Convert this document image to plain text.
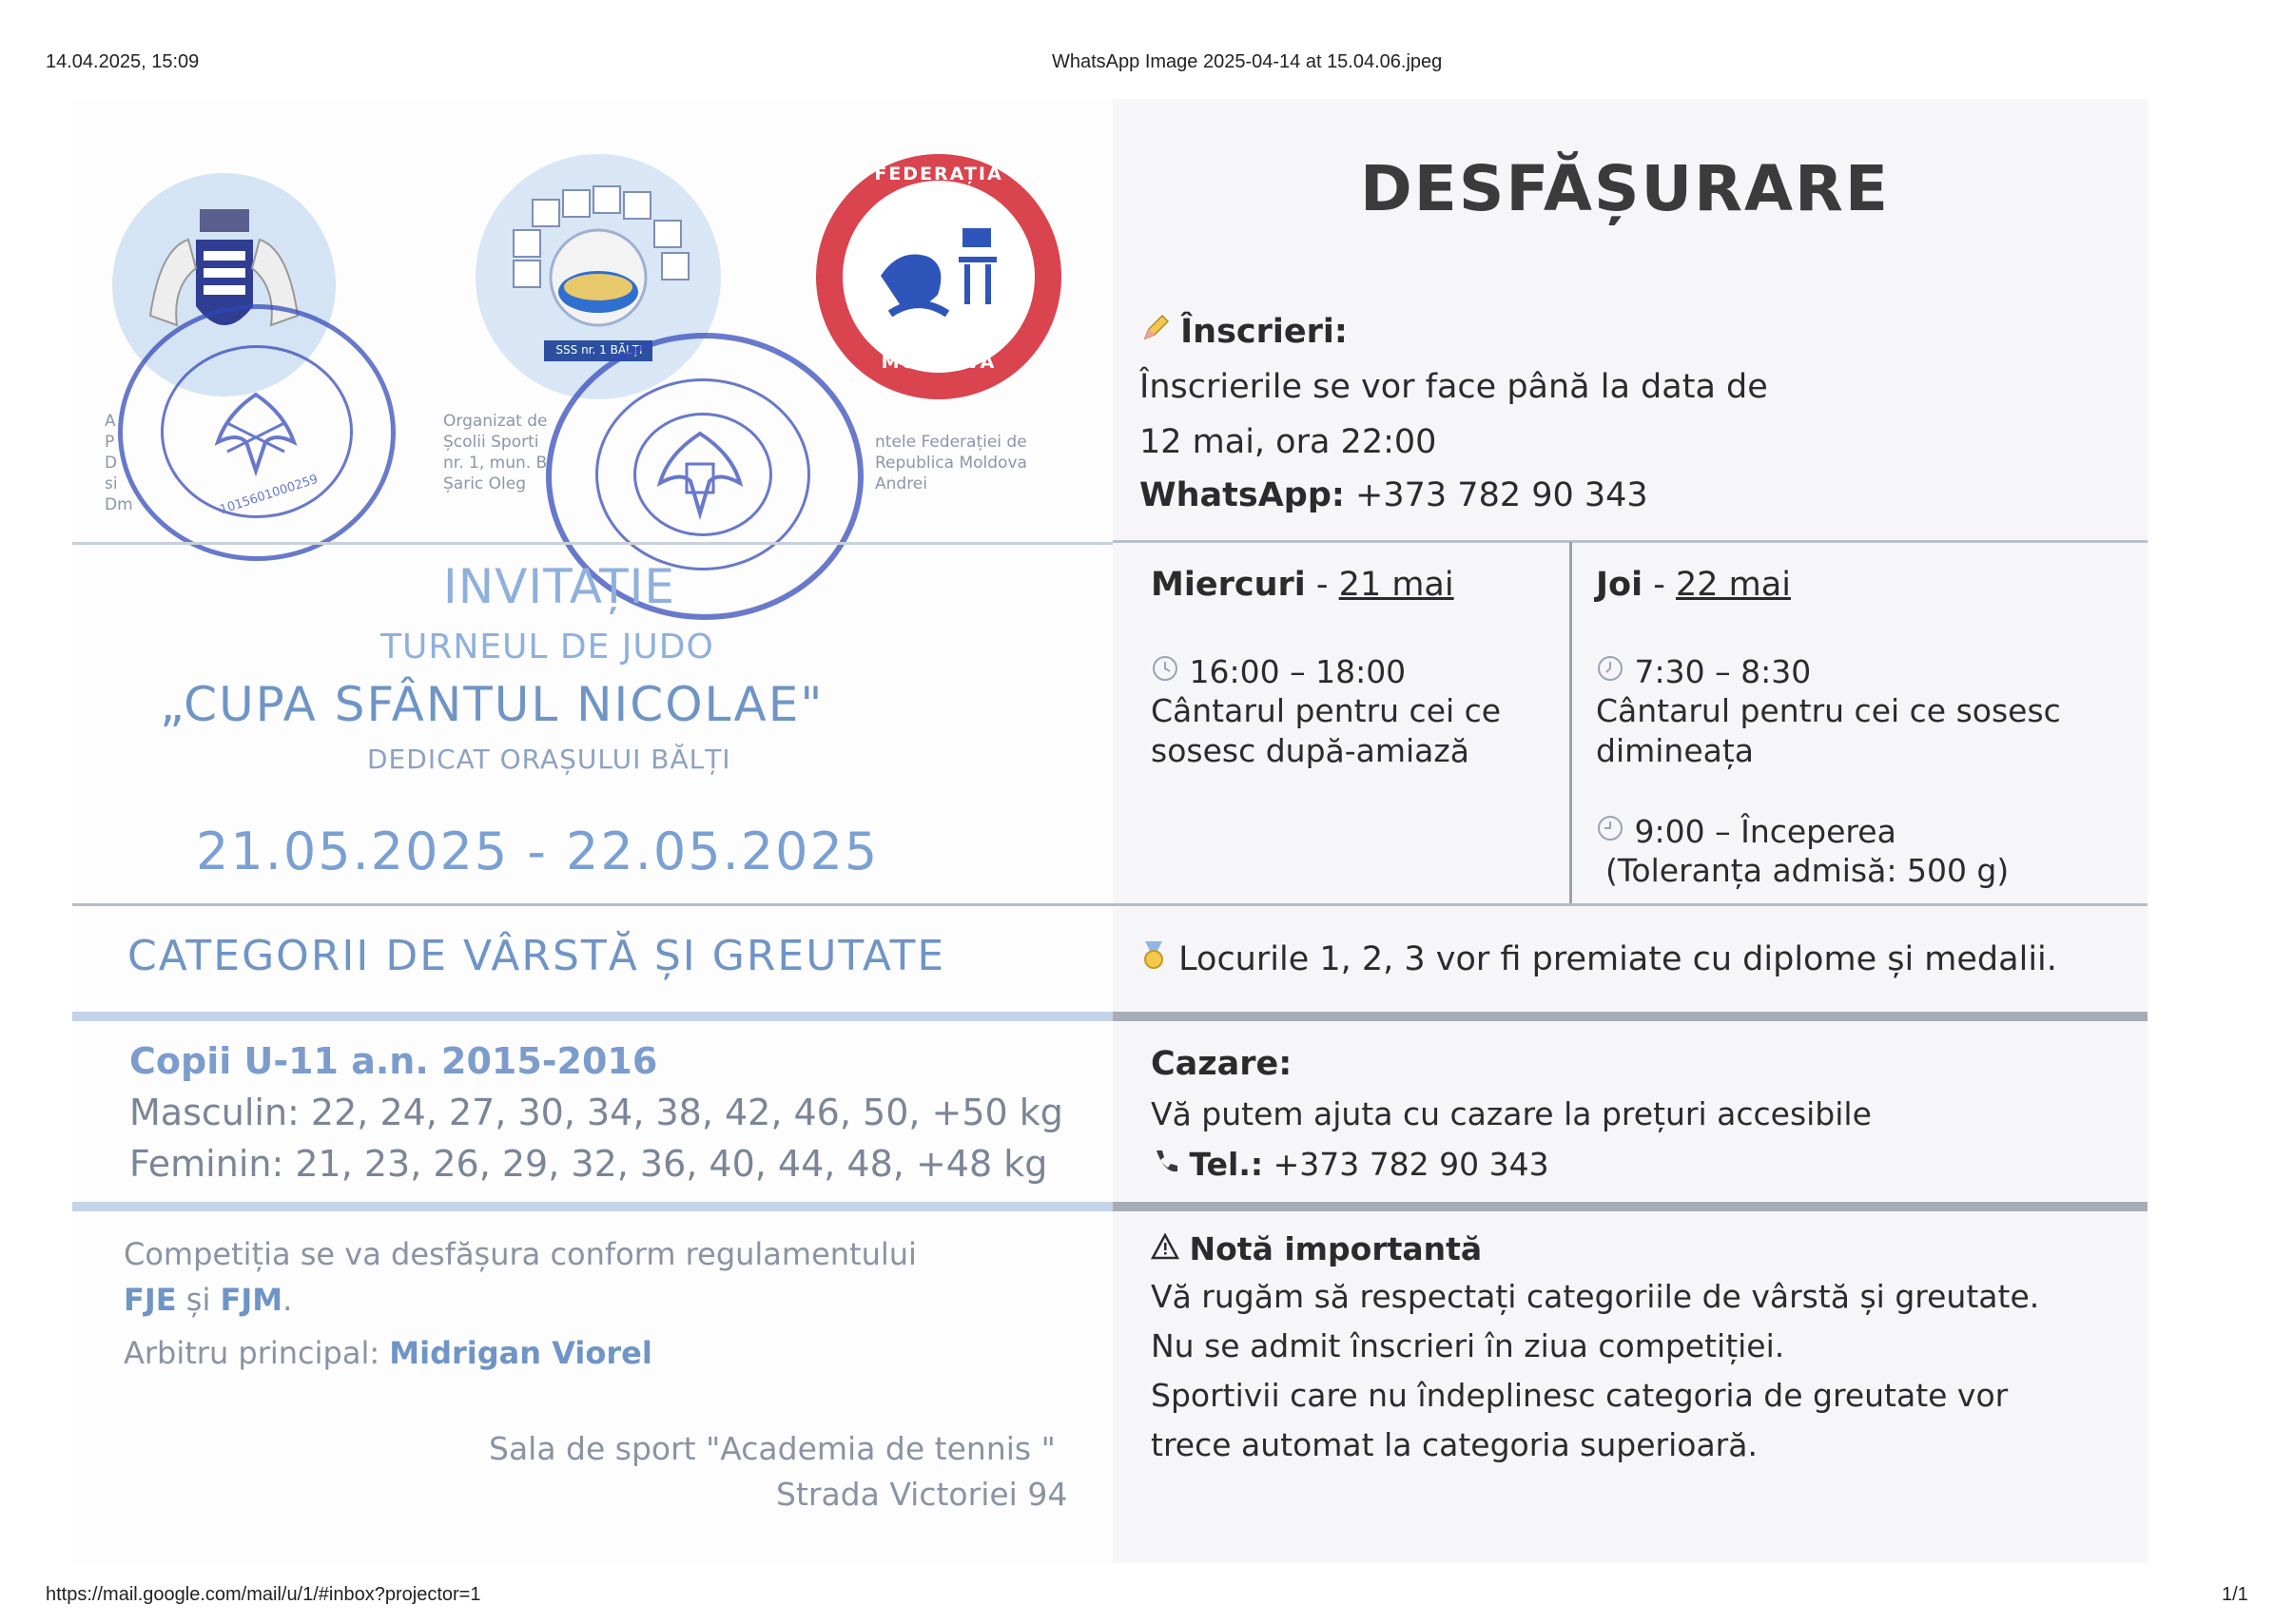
14.04.2025, 15:09	WhatsApp Image 2025-04-14 at 15.04.06.jpeg
https://mail.google.com/mail/u/1/#inbox?projector=1	1/1
SSS nr. 1 BĂLȚI
FEDERAȚIA JUDO
MOLDOVA
A
P
D
si
Dm
Organizat de
Școlii Sporti
nr. 1, mun. B
Șaric Oleg
ntele Federației de
Republica Moldova
Andrei
1015601000259
INVITAȚIE
TURNEUL DE JUDO
„CUPA SFÂNTUL NICOLAE"
DEDICAT ORAȘULUI BĂLȚI
21.05.2025 - 22.05.2025
DESFĂȘURARE
Înscrieri:
Înscrierile se vor face până la data de
12 mai, ora 22:00
WhatsApp: +373 782 90 343
Miercuri - 21 mai
16:00 – 18:00
Cântarul pentru cei ce
sosesc după-amiază
Joi - 22 mai
7:30 – 8:30
Cântarul pentru cei ce sosesc
dimineața
9:00 – Începerea
(Toleranța admisă: 500 g)
CATEGORII DE VÂRSTĂ ȘI GREUTATE	Locurile 1, 2, 3 vor fi premiate cu diplome și medalii.
Copii U-11 a.n. 2015-2016
Masculin: 22, 24, 27, 30, 34, 38, 42, 46, 50, +50 kg
Feminin: 21, 23, 26, 29, 32, 36, 40, 44, 48, +48 kg
Cazare:
Vă putem ajuta cu cazare la prețuri accesibile
Tel.: +373 782 90 343
Competiția se va desfășura conform regulamentului
FJE și FJM.
Arbitru principal: Midrigan Viorel
Sala de sport "Academia de tennis "
Strada Victoriei 94
Notă importantă
Vă rugăm să respectați categoriile de vârstă și greutate.
Nu se admit înscrieri în ziua competiției.
Sportivii care nu îndeplinesc categoria de greutate vor
trece automat la categoria superioară.
